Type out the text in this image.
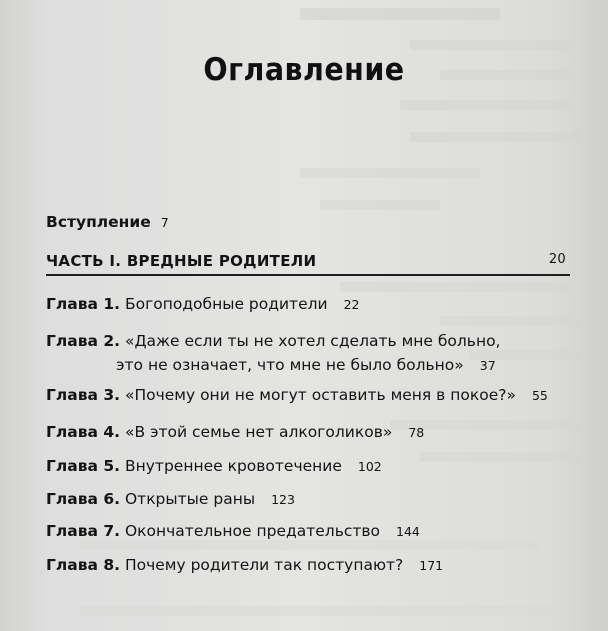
Оглавление
Вступление 7
ЧАСТЬ I. ВРЕДНЫЕ РОДИТЕЛИ	20
Глава 1. Богоподобные родители 22
Глава 2. «Даже если ты не хотел сделать мне больно,
это не означает, что мне не было больно» 37
Глава 3. «Почему они не могут оставить меня в покое?» 55
Глава 4. «В этой семье нет алкоголиков» 78
Глава 5. Внутреннее кровотечение 102
Глава 6. Открытые раны 123
Глава 7. Окончательное предательство 144
Глава 8. Почему родители так поступают? 171
